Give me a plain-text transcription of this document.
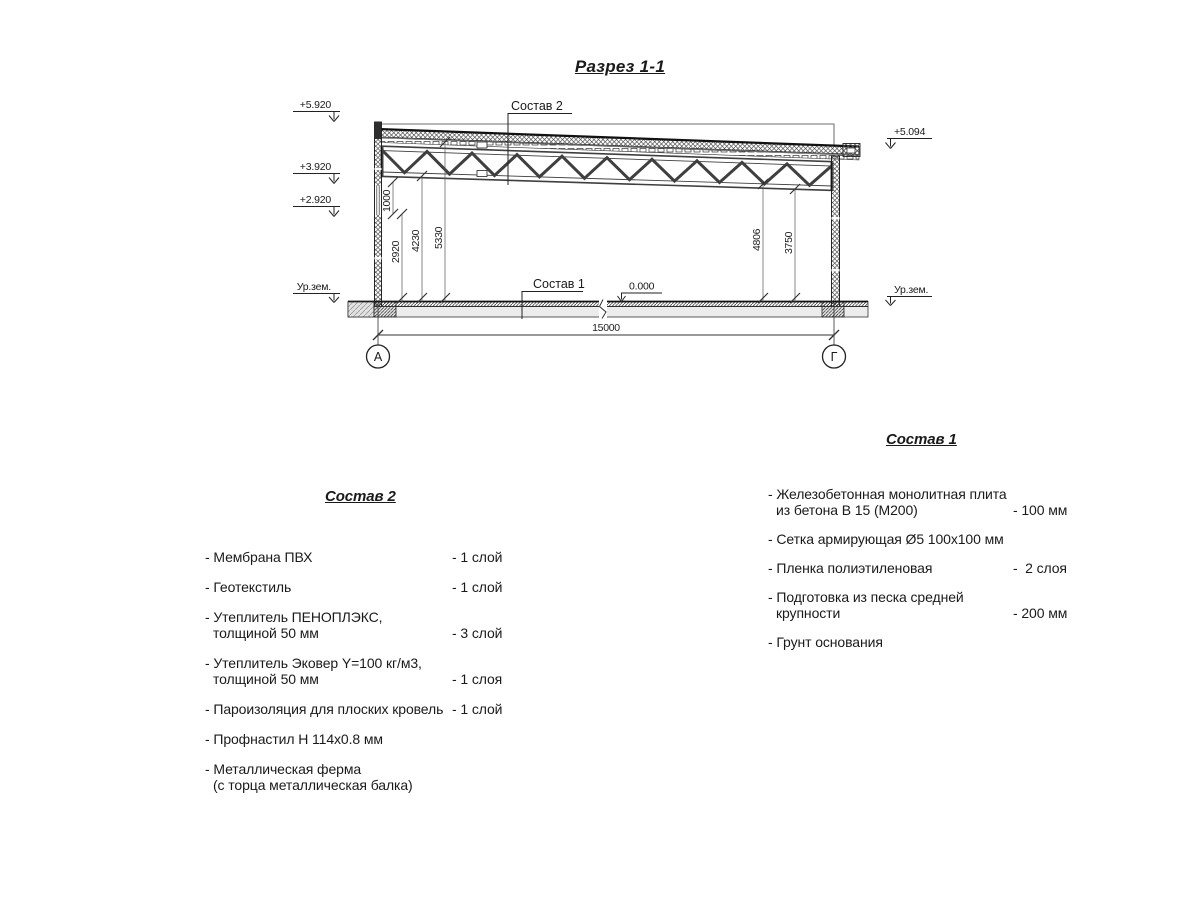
Разрез 1-1
15000
А	Г
2920 4230 5330
1000
4806 3750
+5.920
+3.920
+2.920
Ур.зем.
+5.094
Ур.зем.
Состав 2
Состав 1	0.000
Состав 2
- Мембрана ПВХ	- 1 слой
- Геотекстиль	- 1 слой
- Утеплитель ПЕНОПЛЭКС,
толщиной 50 мм	- 3 слой
- Утеплитель Эковер Y=100 кг/м3,
толщиной 50 мм	- 1 слоя
- Пароизоляция для плоских кровель - 1 слой
- Профнастил Н 114х0.8 мм
- Металлическая ферма
(с торца металлическая балка)
Состав 1
- Железобетонная монолитная плита
из бетона В 15 (М200)	- 100 мм
- Сетка армирующая Ø5 100х100 мм
- Пленка полиэтиленовая	-  2 слоя
- Подготовка из песка средней
крупности	- 200 мм
- Грунт основания
